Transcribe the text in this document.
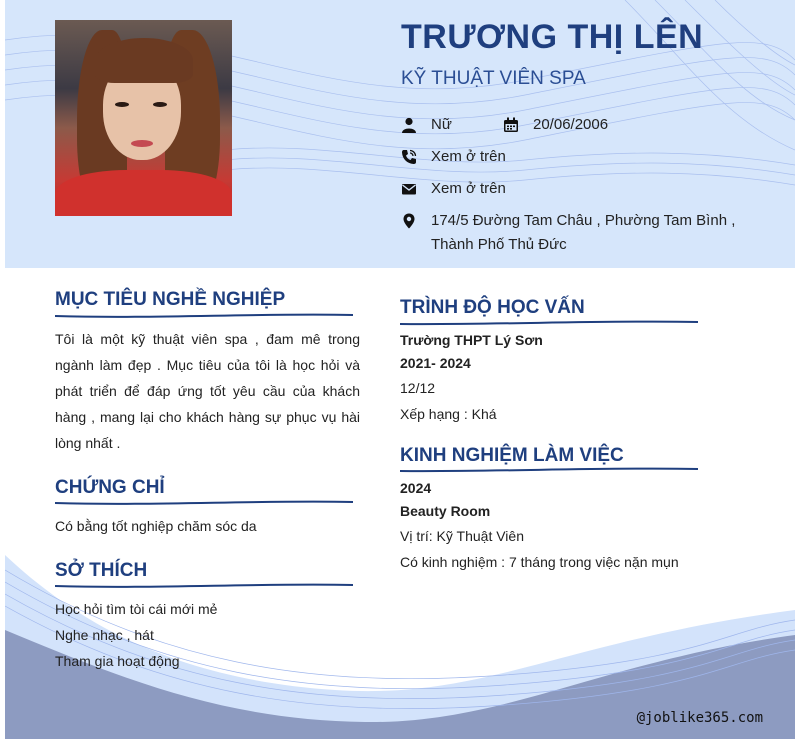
TRƯƠNG THỊ LÊN
KỸ THUẬT VIÊN SPA
Nữ	20/06/2006
Xem ở trên
Xem ở trên
174/5 Đường Tam Châu , Phường Tam Bình ,
Thành Phố Thủ Đức
MỤC TIÊU NGHỀ NGHIỆP
Tôi là một kỹ thuật viên spa , đam mê trong ngành làm đẹp . Mục tiêu của tôi là học hỏi và phát triển để đáp ứng tốt yêu cầu của khách hàng , mang lại cho khách hàng sự phục vụ hài lòng nhất .
CHỨNG CHỈ
Có bằng tốt nghiệp chăm sóc da
SỞ THÍCH
Học hỏi tìm tòi cái mới mẻ
Nghe nhạc , hát
Tham gia hoạt động
TRÌNH ĐỘ HỌC VẤN
Trường THPT Lý Sơn
2021- 2024
12/12
Xếp hạng : Khá
KINH NGHIỆM LÀM VIỆC
2024
Beauty Room
Vị trí: Kỹ Thuật Viên
Có kinh nghiệm : 7 tháng trong việc nặn mụn
@joblike365.com
